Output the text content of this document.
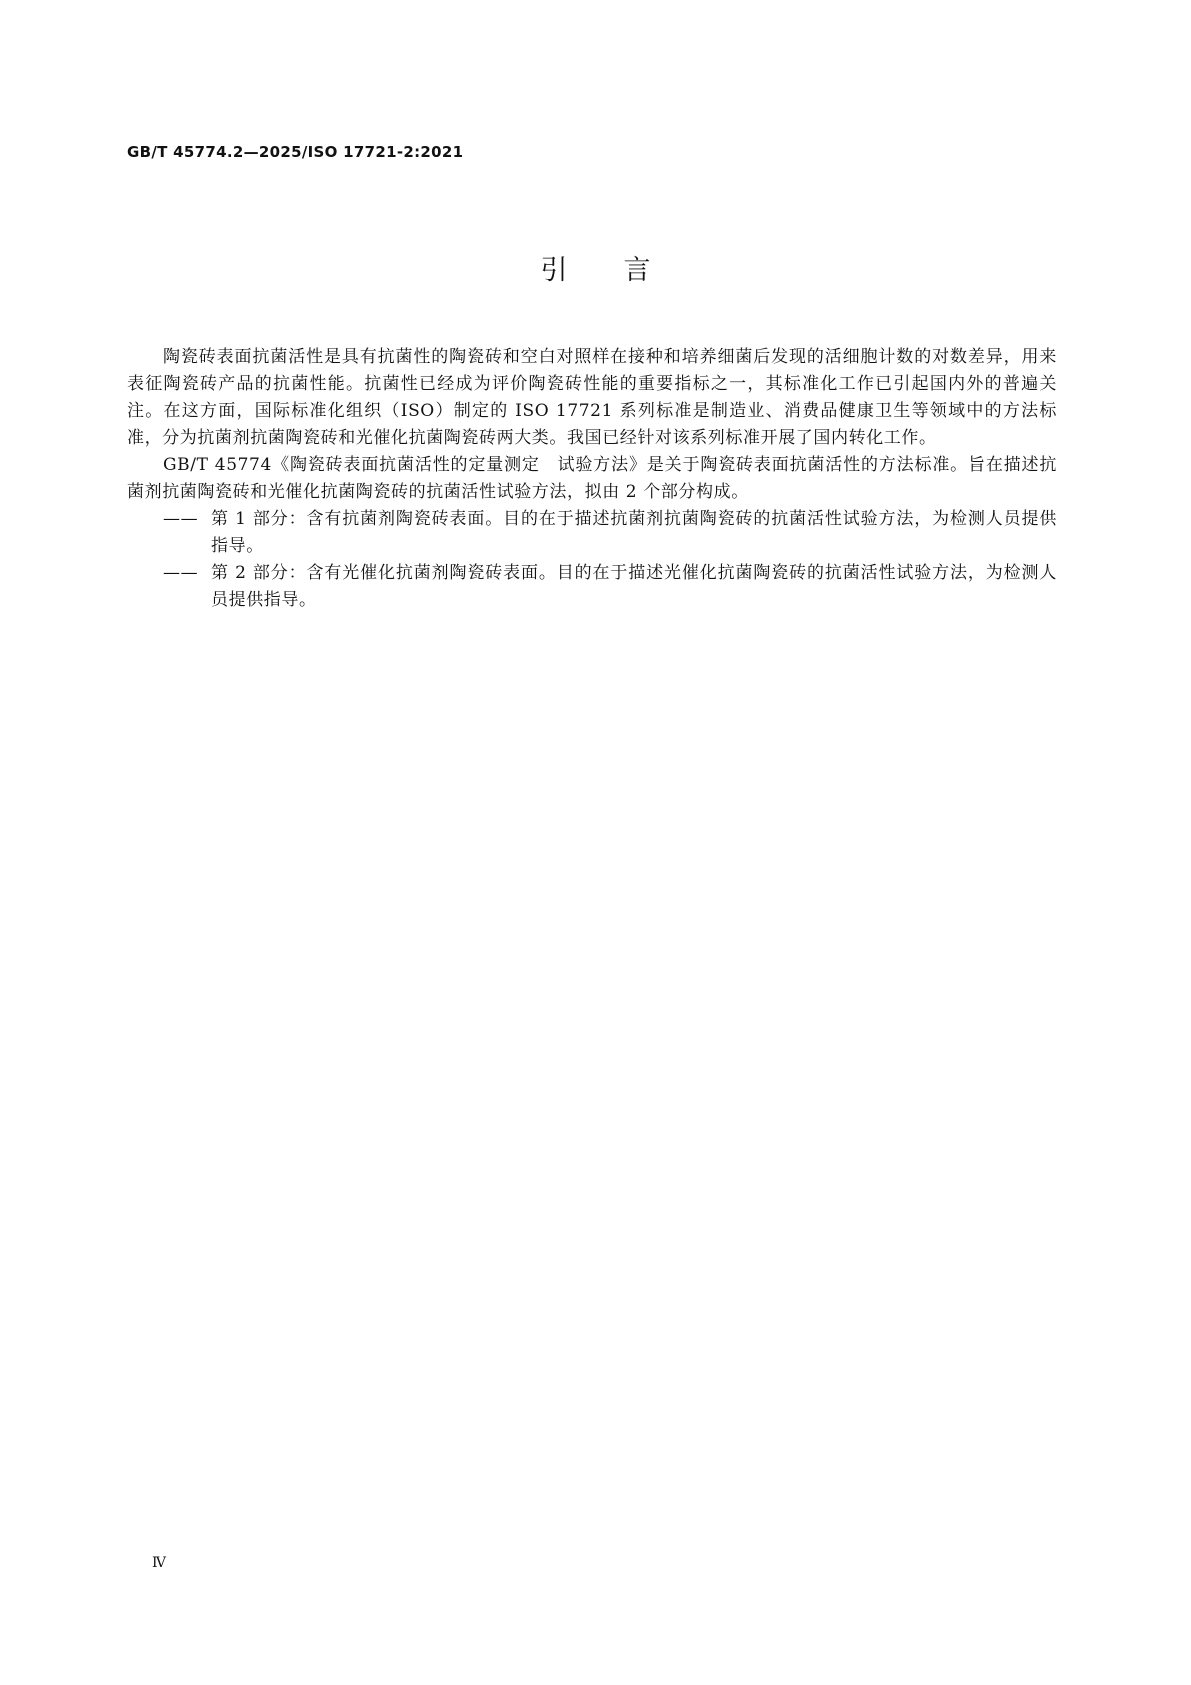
GB/T 45774.2—2025/ISO 17721-2:2021
引言

陶瓷砖表面抗菌活性是具有抗菌性的陶瓷砖和空白对照样在接种和培养细菌后发现的活细胞计数的对数差异，用来表征陶瓷砖产品的抗菌性能。抗菌性已经成为评价陶瓷砖性能的重要指标之一，其标准化工作已引起国内外的普遍关注。在这方面，国际标准化组织（ISO）制定的 ISO 17721 系列标准是制造业、消费品健康卫生等领域中的方法标准，分为抗菌剂抗菌陶瓷砖和光催化抗菌陶瓷砖两大类。我国已经针对该系列标准开展了国内转化工作。

GB/T 45774《陶瓷砖表面抗菌活性的定量测定　试验方法》是关于陶瓷砖表面抗菌活性的方法标准。旨在描述抗菌剂抗菌陶瓷砖和光催化抗菌陶瓷砖的抗菌活性试验方法，拟由 2 个部分构成。

—— 第 1 部分：含有抗菌剂陶瓷砖表面。目的在于描述抗菌剂抗菌陶瓷砖的抗菌活性试验方法，为检测人员提供指导。
—— 第 2 部分：含有光催化抗菌剂陶瓷砖表面。目的在于描述光催化抗菌陶瓷砖的抗菌活性试验方法，为检测人员提供指导。
Ⅳ
